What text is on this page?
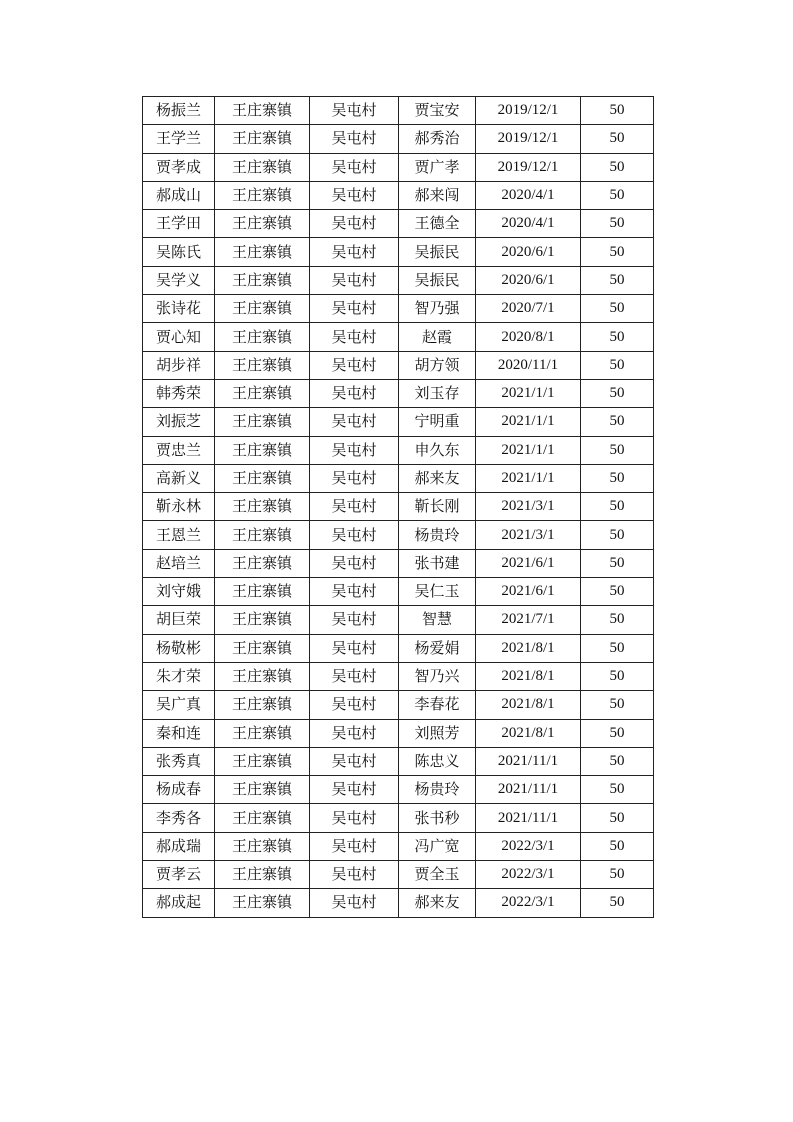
杨振兰	王庄寨镇	吴屯村	贾宝安	2019/12/1	50
王学兰	王庄寨镇	吴屯村	郝秀治	2019/12/1	50
贾孝成	王庄寨镇	吴屯村	贾广孝	2019/12/1	50
郝成山	王庄寨镇	吴屯村	郝来闯	2020/4/1	50
王学田	王庄寨镇	吴屯村	王德全	2020/4/1	50
吴陈氏	王庄寨镇	吴屯村	吴振民	2020/6/1	50
吴学义	王庄寨镇	吴屯村	吴振民	2020/6/1	50
张诗花	王庄寨镇	吴屯村	智乃强	2020/7/1	50
贾心知	王庄寨镇	吴屯村	赵霞	2020/8/1	50
胡步祥	王庄寨镇	吴屯村	胡方领	2020/11/1	50
韩秀荣	王庄寨镇	吴屯村	刘玉存	2021/1/1	50
刘振芝	王庄寨镇	吴屯村	宁明重	2021/1/1	50
贾忠兰	王庄寨镇	吴屯村	申久东	2021/1/1	50
高新义	王庄寨镇	吴屯村	郝来友	2021/1/1	50
靳永林	王庄寨镇	吴屯村	靳长刚	2021/3/1	50
王恩兰	王庄寨镇	吴屯村	杨贵玲	2021/3/1	50
赵培兰	王庄寨镇	吴屯村	张书建	2021/6/1	50
刘守娥	王庄寨镇	吴屯村	吴仁玉	2021/6/1	50
胡巨荣	王庄寨镇	吴屯村	智慧	2021/7/1	50
杨敬彬	王庄寨镇	吴屯村	杨爱娟	2021/8/1	50
朱才荣	王庄寨镇	吴屯村	智乃兴	2021/8/1	50
吴广真	王庄寨镇	吴屯村	李春花	2021/8/1	50
秦和连	王庄寨镇	吴屯村	刘照芳	2021/8/1	50
张秀真	王庄寨镇	吴屯村	陈忠义	2021/11/1	50
杨成春	王庄寨镇	吴屯村	杨贵玲	2021/11/1	50
李秀各	王庄寨镇	吴屯村	张书秒	2021/11/1	50
郝成瑞	王庄寨镇	吴屯村	冯广宽	2022/3/1	50
贾孝云	王庄寨镇	吴屯村	贾全玉	2022/3/1	50
郝成起	王庄寨镇	吴屯村	郝来友	2022/3/1	50
